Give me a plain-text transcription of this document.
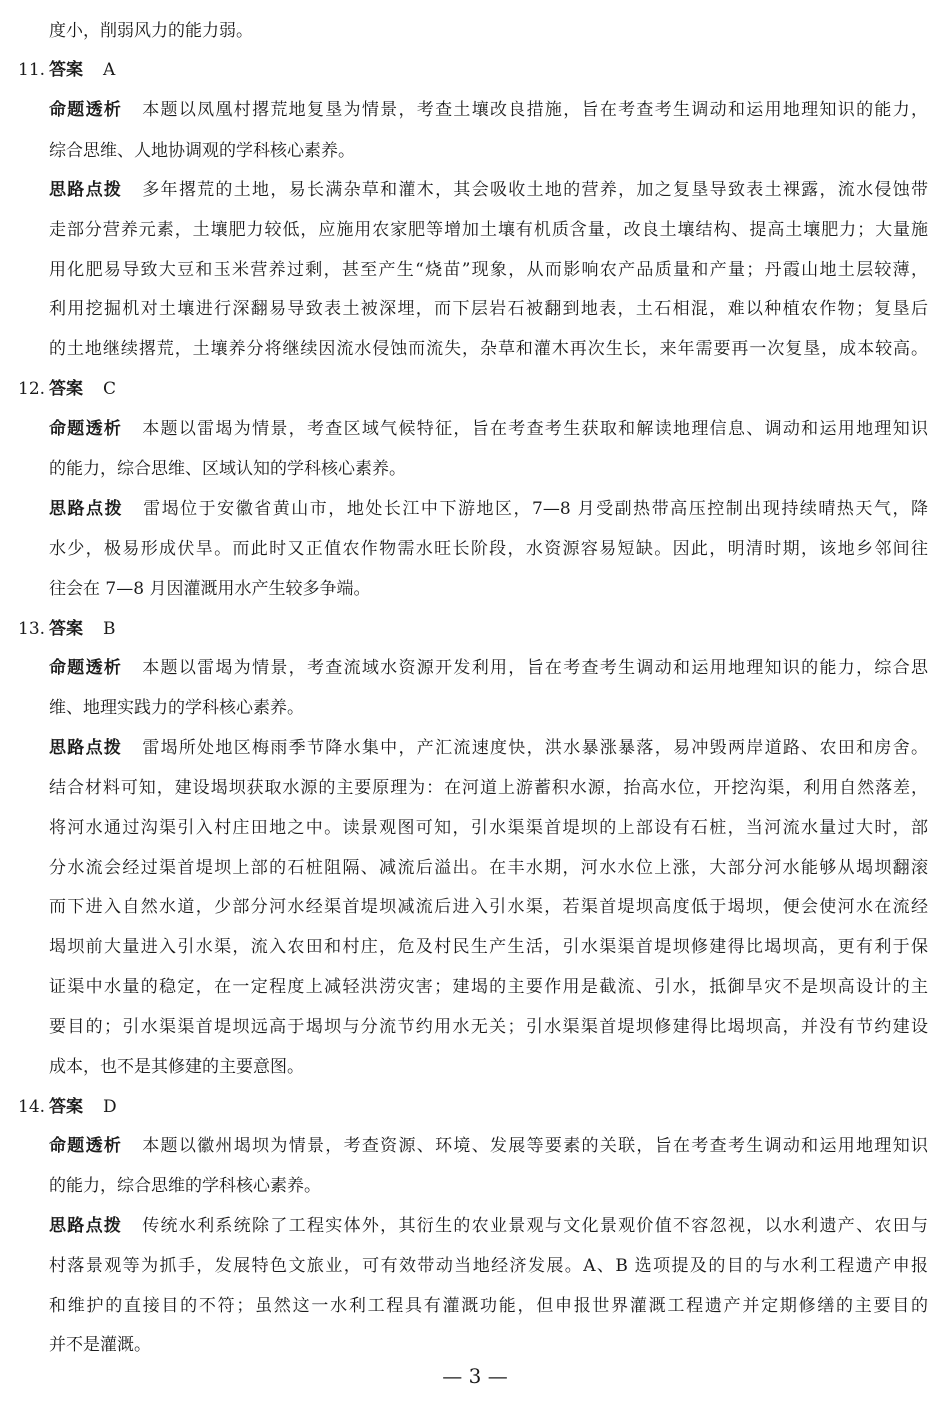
度小，削弱风力的能力弱。
11. 答案 A
命题透析 本题以凤凰村撂荒地复垦为情景，考查土壤改良措施，旨在考查考生调动和运用地理知识的能力，
综合思维、人地协调观的学科核心素养。
思路点拨 多年撂荒的土地，易长满杂草和灌木，其会吸收土地的营养，加之复垦导致表土裸露，流水侵蚀带
走部分营养元素，土壤肥力较低，应施用农家肥等增加土壤有机质含量，改良土壤结构、提高土壤肥力；大量施
用化肥易导致大豆和玉米营养过剩，甚至产生“烧苗”现象，从而影响农产品质量和产量；丹霞山地土层较薄，
利用挖掘机对土壤进行深翻易导致表土被深埋，而下层岩石被翻到地表，土石相混，难以种植农作物；复垦后
的土地继续撂荒，土壤养分将继续因流水侵蚀而流失，杂草和灌木再次生长，来年需要再一次复垦，成本较高。
12. 答案 C
命题透析 本题以雷堨为情景，考查区域气候特征，旨在考查考生获取和解读地理信息、调动和运用地理知识
的能力，综合思维、区域认知的学科核心素养。
思路点拨 雷堨位于安徽省黄山市，地处长江中下游地区，7—8 月受副热带高压控制出现持续晴热天气，降
水少，极易形成伏旱。而此时又正值农作物需水旺长阶段，水资源容易短缺。因此，明清时期，该地乡邻间往
往会在 7—8 月因灌溉用水产生较多争端。
13. 答案 B
命题透析 本题以雷堨为情景，考查流域水资源开发利用，旨在考查考生调动和运用地理知识的能力，综合思
维、地理实践力的学科核心素养。
思路点拨 雷堨所处地区梅雨季节降水集中，产汇流速度快，洪水暴涨暴落，易冲毁两岸道路、农田和房舍。
结合材料可知，建设堨坝获取水源的主要原理为：在河道上游蓄积水源，抬高水位，开挖沟渠，利用自然落差，
将河水通过沟渠引入村庄田地之中。读景观图可知，引水渠渠首堤坝的上部设有石桩，当河流水量过大时，部
分水流会经过渠首堤坝上部的石桩阻隔、减流后溢出。在丰水期，河水水位上涨，大部分河水能够从堨坝翻滚
而下进入自然水道，少部分河水经渠首堤坝减流后进入引水渠，若渠首堤坝高度低于堨坝，便会使河水在流经
堨坝前大量进入引水渠，流入农田和村庄，危及村民生产生活，引水渠渠首堤坝修建得比堨坝高，更有利于保
证渠中水量的稳定，在一定程度上减轻洪涝灾害；建堨的主要作用是截流、引水，抵御旱灾不是坝高设计的主
要目的；引水渠渠首堤坝远高于堨坝与分流节约用水无关；引水渠渠首堤坝修建得比堨坝高，并没有节约建设
成本，也不是其修建的主要意图。
14. 答案 D
命题透析 本题以徽州堨坝为情景，考查资源、环境、发展等要素的关联，旨在考查考生调动和运用地理知识
的能力，综合思维的学科核心素养。
思路点拨 传统水利系统除了工程实体外，其衍生的农业景观与文化景观价值不容忽视，以水利遗产、农田与
村落景观等为抓手，发展特色文旅业，可有效带动当地经济发展。A、B 选项提及的目的与水利工程遗产申报
和维护的直接目的不符；虽然这一水利工程具有灌溉功能，但申报世界灌溉工程遗产并定期修缮的主要目的
并不是灌溉。
— 3 —
